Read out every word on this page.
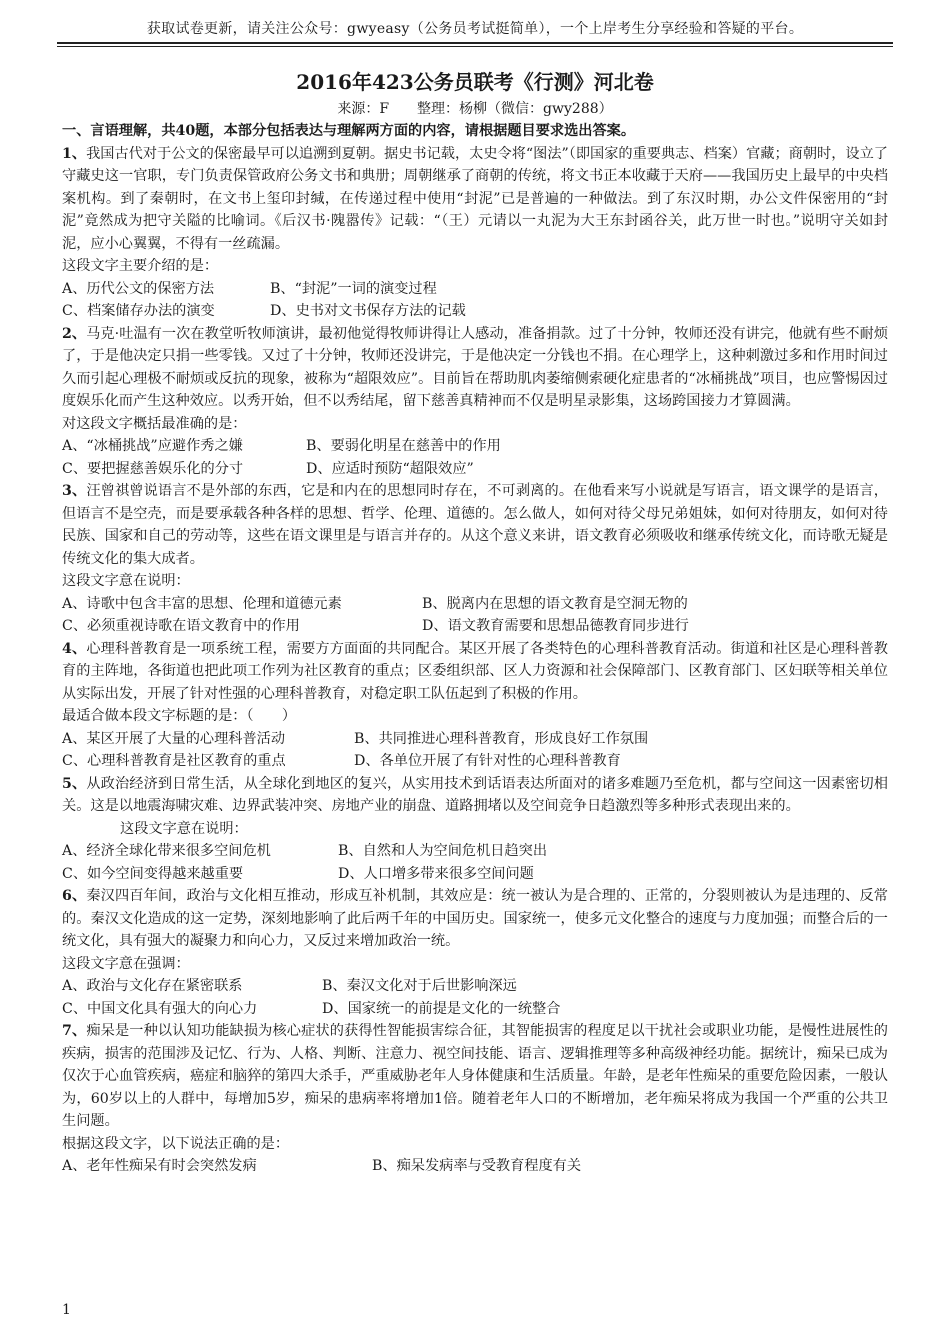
获取试卷更新，请关注公众号：gwyeasy（公务员考试挺简单），一个上岸考生分享经验和答疑的平台。
2016年423公务员联考《行测》河北卷
来源：F　　整理：杨柳（微信：gwy288）
一、言语理解，共40题，本部分包括表达与理解两方面的内容，请根据题目要求选出答案。
1、我国古代对于公文的保密最早可以追溯到夏朝。据史书记载，太史令将“图法”（即国家的重要典志、档案）官藏；商朝时，设立了守藏史这一官职，专门负责保管政府公务文书和典册；周朝继承了商朝的传统，将文书正本收藏于天府——我国历史上最早的中央档案机构。到了秦朝时，在文书上玺印封缄，在传递过程中使用“封泥”已是普遍的一种做法。到了东汉时期，办公文件保密用的“封泥”竟然成为把守关隘的比喻词。《后汉书·隗嚣传》记载：“（王）元请以一丸泥为大王东封函谷关，此万世一时也。”说明守关如封泥，应小心翼翼，不得有一丝疏漏。
这段文字主要介绍的是：
A、历代公文的保密方法	B、“封泥”一词的演变过程
C、档案储存办法的演变	D、史书对文书保存方法的记载
2、马克·吐温有一次在教堂听牧师演讲，最初他觉得牧师讲得让人感动，准备捐款。过了十分钟，牧师还没有讲完，他就有些不耐烦了，于是他决定只捐一些零钱。又过了十分钟，牧师还没讲完，于是他决定一分钱也不捐。在心理学上，这种刺激过多和作用时间过久而引起心理极不耐烦或反抗的现象，被称为“超限效应”。目前旨在帮助肌肉萎缩侧索硬化症患者的“冰桶挑战”项目，也应警惕因过度娱乐化而产生这种效应。以秀开始，但不以秀结尾，留下慈善真精神而不仅是明星录影集，这场跨国接力才算圆满。
对这段文字概括最准确的是：
A、“冰桶挑战”应避作秀之嫌	B、要弱化明星在慈善中的作用
C、要把握慈善娱乐化的分寸	D、应适时预防“超限效应”
3、汪曾祺曾说语言不是外部的东西，它是和内在的思想同时存在，不可剥离的。在他看来写小说就是写语言，语文课学的是语言，但语言不是空壳，而是要承载各种各样的思想、哲学、伦理、道德的。怎么做人，如何对待父母兄弟姐妹，如何对待朋友，如何对待民族、国家和自己的劳动等，这些在语文课里是与语言并存的。从这个意义来讲，语文教育必须吸收和继承传统文化，而诗歌无疑是传统文化的集大成者。
这段文字意在说明：
A、诗歌中包含丰富的思想、伦理和道德元素	B、脱离内在思想的语文教育是空洞无物的
C、必须重视诗歌在语文教育中的作用	D、语文教育需要和思想品德教育同步进行
4、心理科普教育是一项系统工程，需要方方面面的共同配合。某区开展了各类特色的心理科普教育活动。街道和社区是心理科普教育的主阵地，各街道也把此项工作列为社区教育的重点；区委组织部、区人力资源和社会保障部门、区教育部门、区妇联等相关单位从实际出发，开展了针对性强的心理科普教育，对稳定职工队伍起到了积极的作用。
最适合做本段文字标题的是：（　　）
A、某区开展了大量的心理科普活动	B、共同推进心理科普教育，形成良好工作氛围
C、心理科普教育是社区教育的重点	D、各单位开展了有针对性的心理科普教育
5、从政治经济到日常生活，从全球化到地区的复兴，从实用技术到话语表达所面对的诸多难题乃至危机，都与空间这一因素密切相关。这是以地震海啸灾难、边界武装冲突、房地产业的崩盘、道路拥堵以及空间竞争日趋激烈等多种形式表现出来的。
这段文字意在说明：
A、经济全球化带来很多空间危机	B、自然和人为空间危机日趋突出
C、如今空间变得越来越重要	D、人口增多带来很多空间问题
6、秦汉四百年间，政治与文化相互推动，形成互补机制，其效应是：统一被认为是合理的、正常的，分裂则被认为是违理的、反常的。秦汉文化造成的这一定势，深刻地影响了此后两千年的中国历史。国家统一，使多元文化整合的速度与力度加强；而整合后的一统文化，具有强大的凝聚力和向心力，又反过来增加政治一统。
这段文字意在强调：
A、政治与文化存在紧密联系	B、秦汉文化对于后世影响深远
C、中国文化具有强大的向心力	D、国家统一的前提是文化的一统整合
7、痴呆是一种以认知功能缺损为核心症状的获得性智能损害综合征，其智能损害的程度足以干扰社会或职业功能，是慢性进展性的疾病，损害的范围涉及记忆、行为、人格、判断、注意力、视空间技能、语言、逻辑推理等多种高级神经功能。据统计，痴呆已成为仅次于心血管疾病，癌症和脑猝的第四大杀手，严重威胁老年人身体健康和生活质量。年龄，是老年性痴呆的重要危险因素，一般认为，60岁以上的人群中，每增加5岁，痴呆的患病率将增加1倍。随着老年人口的不断增加，老年痴呆将成为我国一个严重的公共卫生问题。
根据这段文字，以下说法正确的是：
A、老年性痴呆有时会突然发病	B、痴呆发病率与受教育程度有关
1
